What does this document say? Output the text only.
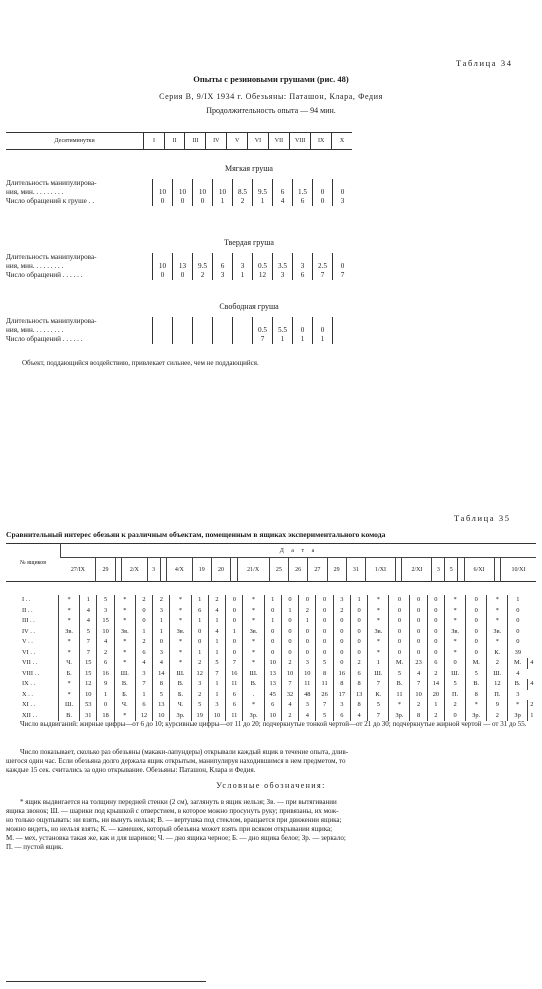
Таблица 34
Опыты с резиновыми грушами (рис. 48)
Серия В, 9/IX 1934 г. Обезьяны: Паташон, Клара, Федия
Продолжительность опыта — 94 мин.
Десятиминутки	I	II	III	IV	V	VI	VII	VIII	IX	X
Мягкая груша
Длительность манипулирова-										
ния, мин. . . . . . . . .	10	10	10	10	8.5	9.5	6	1.5	0	0
Число обращений к груше . .	0	0	0	1	2	1	4	6	0	3
Твердая груша
Длительность манипулирова-										
ния, мин. . . . . . . . .	10	13	9.5	6	3	0.5	3.5	3	2.5	0
Число обращений . . . . . .	0	0	2	3	1	12	3	6	7	7
Свободная груша
Длительность манипулирова-										
ния, мин. . . . . . . . .						0.5	5.5	0	0	
Число обращений . . . . . .						7	1	1	1	
Объект, поддающийся воздействию, привлекает сильнее, чем не поддающийся.
Таблица 35
Сравнительный интерес обезьян к различным объектам, помещенным в ящиках экспериментального комода
№ ящиков	Д а т а																								
	27/IX	29		2/X	3		4/X	19	20		21/X	25	26	27	29	31	1/XI		2/XI	3	5		6/XI		10/XI
I . .	*	1	5	*	2	2	*	1	2	0	*	1	0	0	0	3	1	*	0	0	0	*	0	*	1	
II . .	*	4	3	*	0	3	*	6	4	0	*	0	1	2	0	2	0	*	0	0	0	*	0	*	0	
III . .	*	4	15	*	0	1	*	1	1	0	*	1	0	1	0	0	0	*	0	0	0	*	0	*	0	
IV . .	Зв.	5	10	Зв.	1	1	Зв.	0	4	1	Зв.	0	0	0	0	0	0	Зв.	0	0	0	Зв.	0	Зв.	0	
V . .	*	7	4	*	2	0	*	0	1	0	*	0	0	0	0	0	0	*	0	0	0	*	0	*	0	
VI . .	*	7	2	*	6	3	*	1	1	0	*	0	0	0	0	0	0	*	0	0	0	*	0	К.	39	
VII . .	Ч.	15	6	*	4	4	*	2	5	7	*	10	2	3	5	0	2	1	М.	23	6	0	М.	2	М.	4
VIII . .	Б.	15	16	Ш.	3	14	Ш.	12	7	16	Ш.	13	10	10	8	16	6	Ш.	5	4	2	Ш.	5	Ш.	4	
IX . .	*	12	9	В.	7	8	В.	3	1	11	В.	13	7	11	11	8	8	7	В.	7	14	5	В.	12	В.	4
X . .	*	10	1	Б.	1	5	Б.	2	1	6	.	45	32	48	26	17	13	К.	11	10	20	П.	8	П.	3	
XI . .	Ш.	53	0	Ч.	6	13	Ч.	5	3	6	*	6	4	3	7	3	8	5	*	2	1	2	*	9	*	2
XII . .	В.	31	18	*	12	10	Зр.	19	10	11	Зр.	10	2	4	5	6	4	7	Зр.	8	2	0	Зр.	2	Зр	1
Число выдвиганий: жирные цифры—от 6 до 10; курсивные цифры—от 11 до 20; подчеркнутые тонкой чертой—от 21 до 30; подчеркнутые жирной чертой — от 31 до 55.
Число показывает, сколько раз обезьяны (макаки-лапундеры) открывали каждый ящик в течение опыта, длив-
шегося один час. Если обезьяна долго держала ящик открытым, манипулируя находившимся в нем предметом, то
каждые 15 сек. считались за одно открывание. Обезьяны: Паташон, Клара и Федия.
Условные обозначения:
* ящик выдвигается на толщину передней стенки (2 см), заглянуть в ящик нельзя; Зв. — при вытягивании
ящика звонок; Ш. — шарики под крышкой с отверстием, в которое можно просунуть руку; привязаны, их мож-
но только ощупывать: ни взять, ни вынуть нельзя; В. — вертушка под стеклом, вращается при движении ящика;
можно видеть, но нельзя взять; К. — камешек, который обезьяна может взять при всяком открывании ящика;
М. — мех, установка такая же, как и для шариков; Ч. — дно ящика черное; Б. — дно ящика белое; Зр. — зеркало;
П. — пустой ящик.
